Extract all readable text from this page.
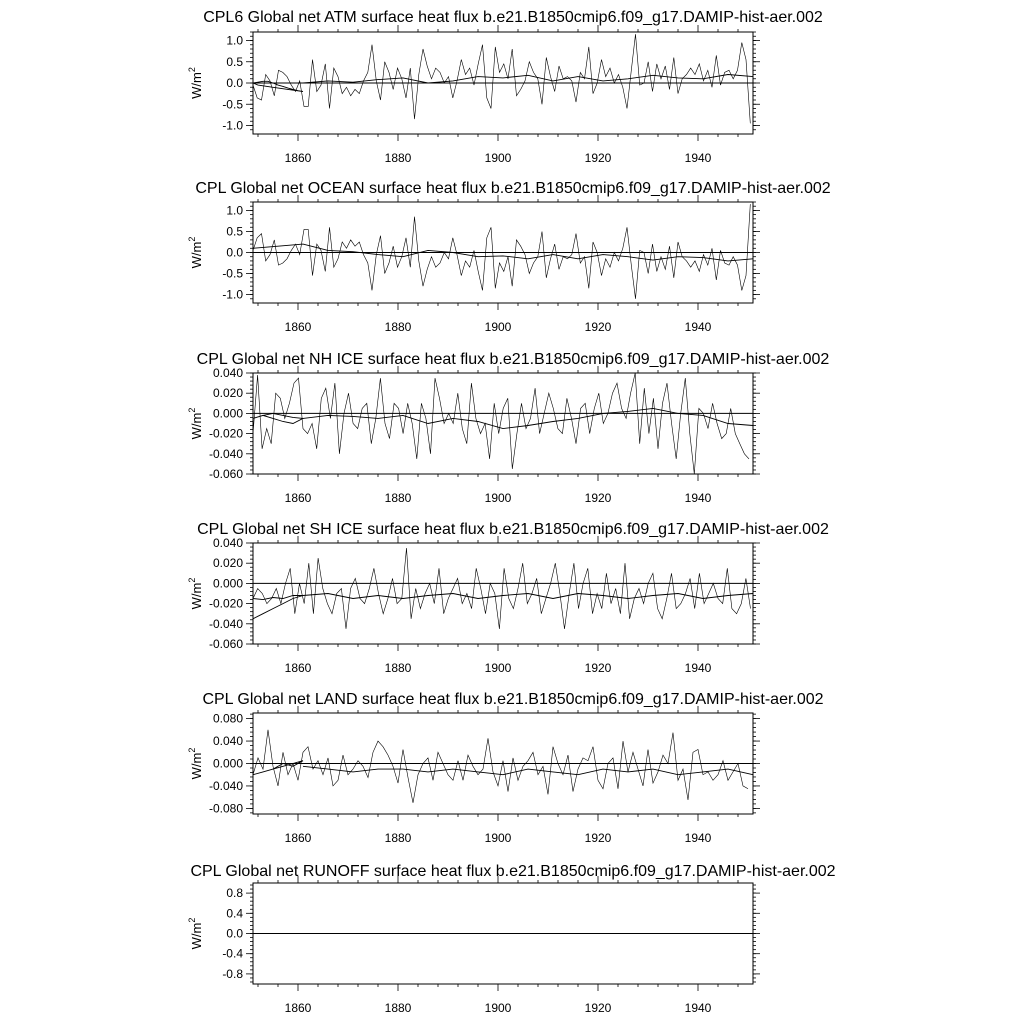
CPL6 Global net ATM surface heat flux b.e21.B1850cmip6.f09_g17.DAMIP-hist-aer.002
1.0
0.5
0.0
-0.5
-1.0
1860	1880	1900	1920	1940
$W/m^2$
CPL Global net OCEAN surface heat flux b.e21.B1850cmip6.f09_g17.DAMIP-hist-aer.002
1.0
0.5
0.0
-0.5
-1.0
1860	1880	1900	1920	1940
$W/m^2$
CPL Global net NH ICE surface heat flux b.e21.B1850cmip6.f09_g17.DAMIP-hist-aer.002
0.040
0.020
0.000
-0.020
-0.040
-0.060
1860	1880	1900	1920	1940
$W/m^2$
CPL Global net SH ICE surface heat flux b.e21.B1850cmip6.f09_g17.DAMIP-hist-aer.002
0.040
0.020
0.000
-0.020
-0.040
-0.060
1860	1880	1900	1920	1940
$W/m^2$
CPL Global net LAND surface heat flux b.e21.B1850cmip6.f09_g17.DAMIP-hist-aer.002
0.080
0.040
0.000
-0.040
-0.080
1860	1880	1900	1920	1940
$W/m^2$
CPL Global net RUNOFF surface heat flux b.e21.B1850cmip6.f09_g17.DAMIP-hist-aer.002
0.8
0.4
0.0
-0.4
-0.8
1860	1880	1900	1920	1940
$W/m^2$
